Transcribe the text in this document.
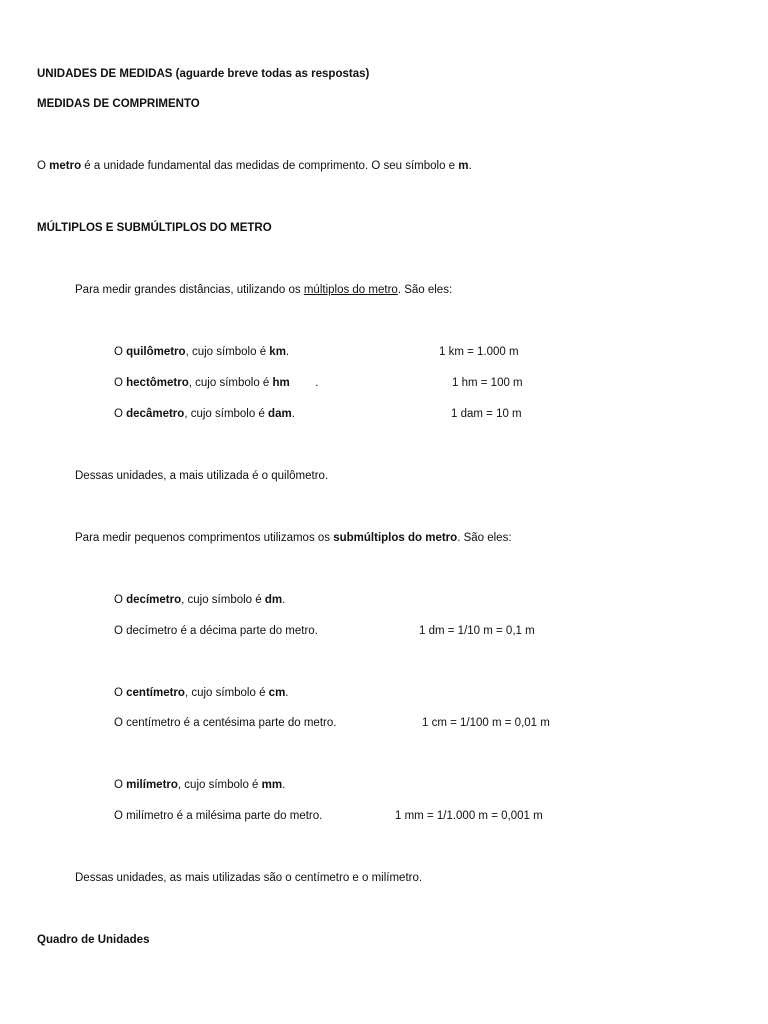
UNIDADES DE MEDIDAS (aguarde breve todas as respostas)
MEDIDAS DE COMPRIMENTO
O metro é a unidade fundamental das medidas de comprimento. O seu símbolo e m.
MÚLTIPLOS E SUBMÚLTIPLOS DO METRO
Para medir grandes distâncias, utilizando os múltiplos do metro. São eles:
O quilômetro, cujo símbolo é km.	1 km = 1.000 m
O hectômetro, cujo símbolo é hm        .	1 hm = 100 m
O decâmetro, cujo símbolo é dam.	1 dam = 10 m
Dessas unidades, a mais utilizada é o quilômetro.
Para medir pequenos comprimentos utilizamos os submúltiplos do metro. São eles:
O decímetro, cujo símbolo é dm.
O decímetro é a décima parte do metro.	1 dm = 1/10 m = 0,1 m
O centímetro, cujo símbolo é cm.
O centímetro é a centésima parte do metro.	1 cm = 1/100 m = 0,01 m
O milímetro, cujo símbolo é mm.
O milímetro é a milésima parte do metro.	1 mm = 1/1.000 m = 0,001 m
Dessas unidades, as mais utilizadas são o centímetro e o milímetro.
Quadro de Unidades
